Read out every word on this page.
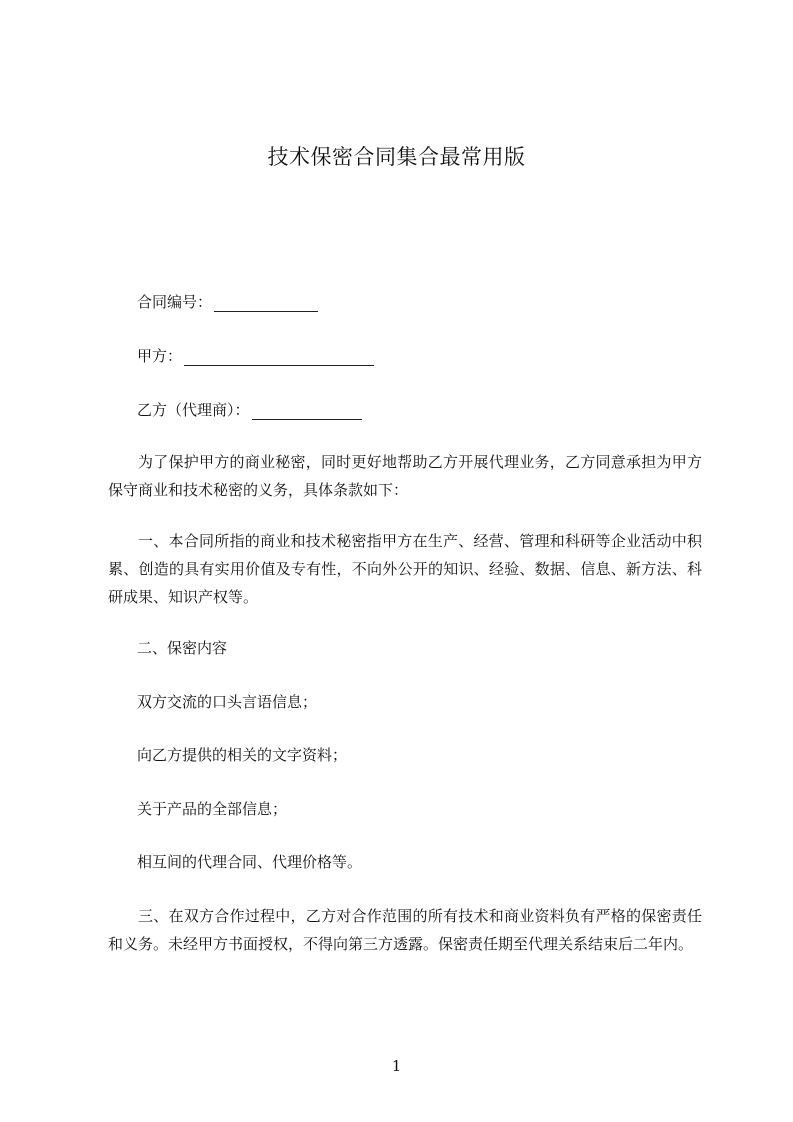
技术保密合同集合最常用版
合同编号：
甲方：
乙方（代理商）：

为了保护甲方的商业秘密，同时更好地帮助乙方开展代理业务，乙方同意承担为甲方保守商业和技术秘密的义务，具体条款如下：

一、本合同所指的商业和技术秘密指甲方在生产、经营、管理和科研等企业活动中积累、创造的具有实用价值及专有性，不向外公开的知识、经验、数据、信息、新方法、科研成果、知识产权等。

二、保密内容
双方交流的口头言语信息；
向乙方提供的相关的文字资料；
关于产品的全部信息；
相互间的代理合同、代理价格等。

三、在双方合作过程中，乙方对合作范围的所有技术和商业资料负有严格的保密责任和义务。未经甲方书面授权，不得向第三方透露。保密责任期至代理关系结束后二年内。

1
